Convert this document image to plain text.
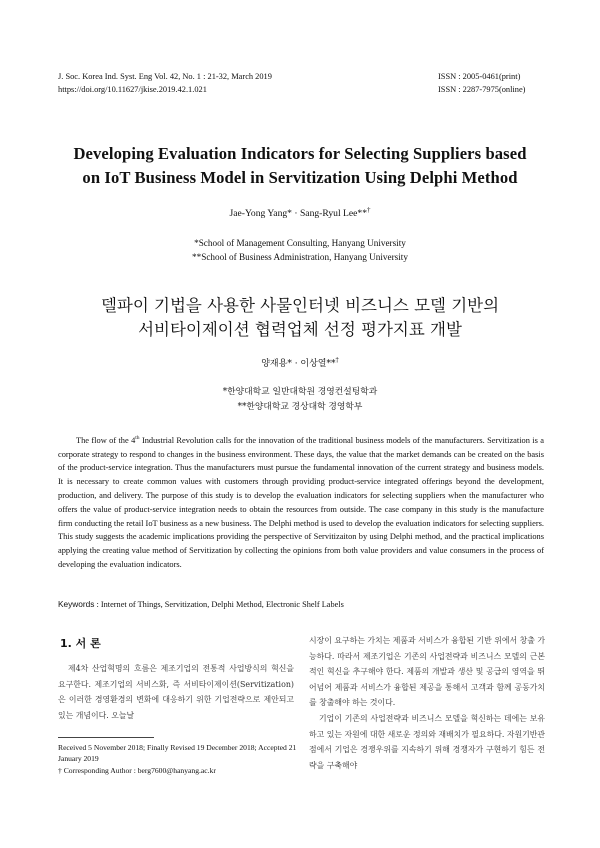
J. Soc. Korea Ind. Syst. Eng Vol. 42, No. 1 : 21-32, March 2019
https://doi.org/10.11627/jkise.2019.42.1.021
ISSN : 2005-0461(print)
ISSN : 2287-7975(online)
Developing Evaluation Indicators for Selecting Suppliers based
on IoT Business Model in Servitization Using Delphi Method
Jae-Yong Yang* · Sang-Ryul Lee**†
*School of Management Consulting, Hanyang University
**School of Business Administration, Hanyang University
델파이 기법을 사용한 사물인터넷 비즈니스 모델 기반의
서비타이제이션 협력업체 선정 평가지표 개발
양재용* · 이상열**†
*한양대학교 일반대학원 경영컨설팅학과
**한양대학교 경상대학 경영학부
The flow of the 4th Industrial Revolution calls for the innovation of the traditional business models of the manufacturers. Servitization is a corporate strategy to respond to changes in the business environment. These days, the value that the market demands can be created on the basis of the product-service integration. Thus the manufacturers must pursue the fundamental innovation of the current strategy and business models. It is necessary to create common values with customers through providing product-service integrated offerings beyond the development, production, and delivery. The purpose of this study is to develop the evaluation indicators for selecting suppliers when the manufacturer who offers the value of product-service integration needs to obtain the resources from outside. The case company in this study is the manufacture firm conducting the retail IoT business as a new business. The Delphi method is used to develop the evaluation indicators for selecting suppliers. This study suggests the academic implications providing the perspective of Servitizaiton by using Delphi method, and the practical implications applying the creating value method of Servitization by collecting the opinions from both value providers and value consumers in the process of developing the evaluation indicators.
Keywords : Internet of Things, Servitization, Delphi Method, Electronic Shelf Labels
1. 서 론
제4차 산업혁명의 흐름은 제조기업의 전통적 사업방식의 혁신을 요구한다. 제조기업의 서비스화, 즉 서비타이제이션(Servitization)은 이러한 경영환경의 변화에 대응하기 위한 기업전략으로 제안되고 있는 개념이다. 오늘날

시장이 요구하는 가치는 제품과 서비스가 융합된 기반 위에서 창출 가능하다. 따라서 제조기업은 기존의 사업전략과 비즈니스 모델의 근본적인 혁신을 추구해야 한다. 제품의 개발과 생산 및 공급의 영역을 뛰어넘어 제품과 서비스가 융합된 제공을 통해서 고객과 함께 공동가치를 창출해야 하는 것이다.

기업이 기존의 사업전략과 비즈니스 모델을 혁신하는 데에는 보유하고 있는 자원에 대한 새로운 정의와 재배치가 필요하다. 자원기반관점에서 기업은 경쟁우위를 지속하기 위해 경쟁자가 구현하기 힘든 전략을 구축해야

Received 5 November 2018; Finally Revised 19 December 2018; Accepted 21 January 2019
† Corresponding Author : berg7600@hanyang.ac.kr
